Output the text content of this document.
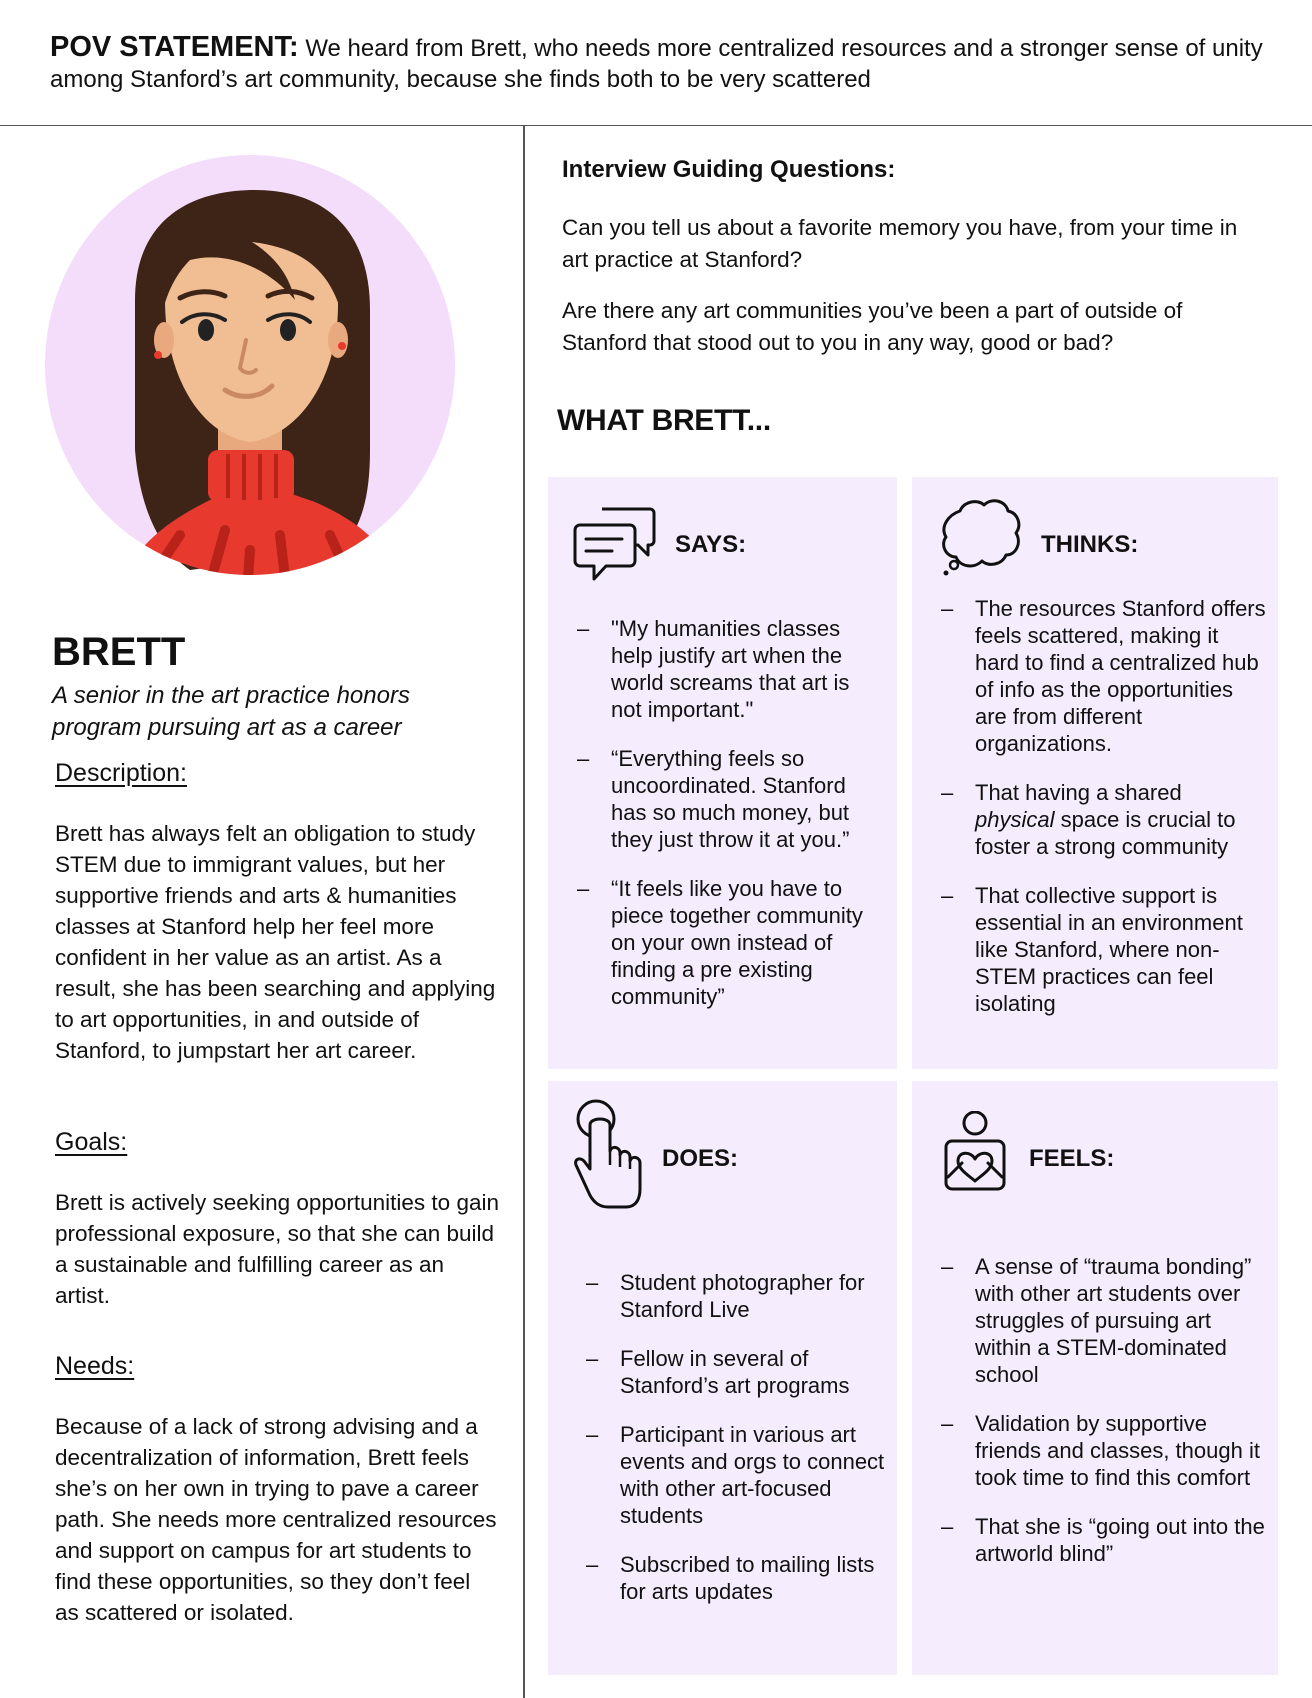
POV STATEMENT: We heard from Brett, who needs more centralized resources and a stronger sense of unity among Stanford’s art community, because she finds both to be very scattered

BRETT
A senior in the art practice honors program pursuing art as a career
Description:
Brett has always felt an obligation to study STEM due to immigrant values, but her supportive friends and arts & humanities classes at Stanford help her feel more confident in her value as an artist. As a result, she has been searching and applying to art opportunities, in and outside of Stanford, to jumpstart her art career.
Goals:
Brett is actively seeking opportunities to gain professional exposure, so that she can build a sustainable and fulfilling career as an artist.
Needs:
Because of a lack of strong advising and a decentralization of information, Brett feels she’s on her own in trying to pave a career path. She needs more centralized resources and support on campus for art students to find these opportunities, so they don’t feel as scattered or isolated.
Interview Guiding Questions:
Can you tell us about a favorite memory you have, from your time in art practice at Stanford?
Are there any art communities you’ve been a part of outside of Stanford that stood out to you in any way, good or bad?
WHAT BRETT...
SAYS:
– "My humanities classes help justify art when the world screams that art is not important."
– “Everything feels so uncoordinated. Stanford has so much money, but they just throw it at you.”
– “It feels like you have to piece together community on your own instead of finding a pre existing community”
THINKS:
– The resources Stanford offers feels scattered, making it hard to find a centralized hub of info as the opportunities are from different organizations.
– That having a shared physical space is crucial to foster a strong community
– That collective support is essential in an environment like Stanford, where non-STEM practices can feel isolating
DOES:
– Student photographer for Stanford Live
– Fellow in several of Stanford’s art programs
– Participant in various art events and orgs to connect with other art-focused students
– Subscribed to mailing lists for arts updates
FEELS:
– A sense of “trauma bonding” with other art students over struggles of pursuing art within a STEM-dominated school
– Validation by supportive friends and classes, though it took time to find this comfort
– That she is “going out into the artworld blind”
